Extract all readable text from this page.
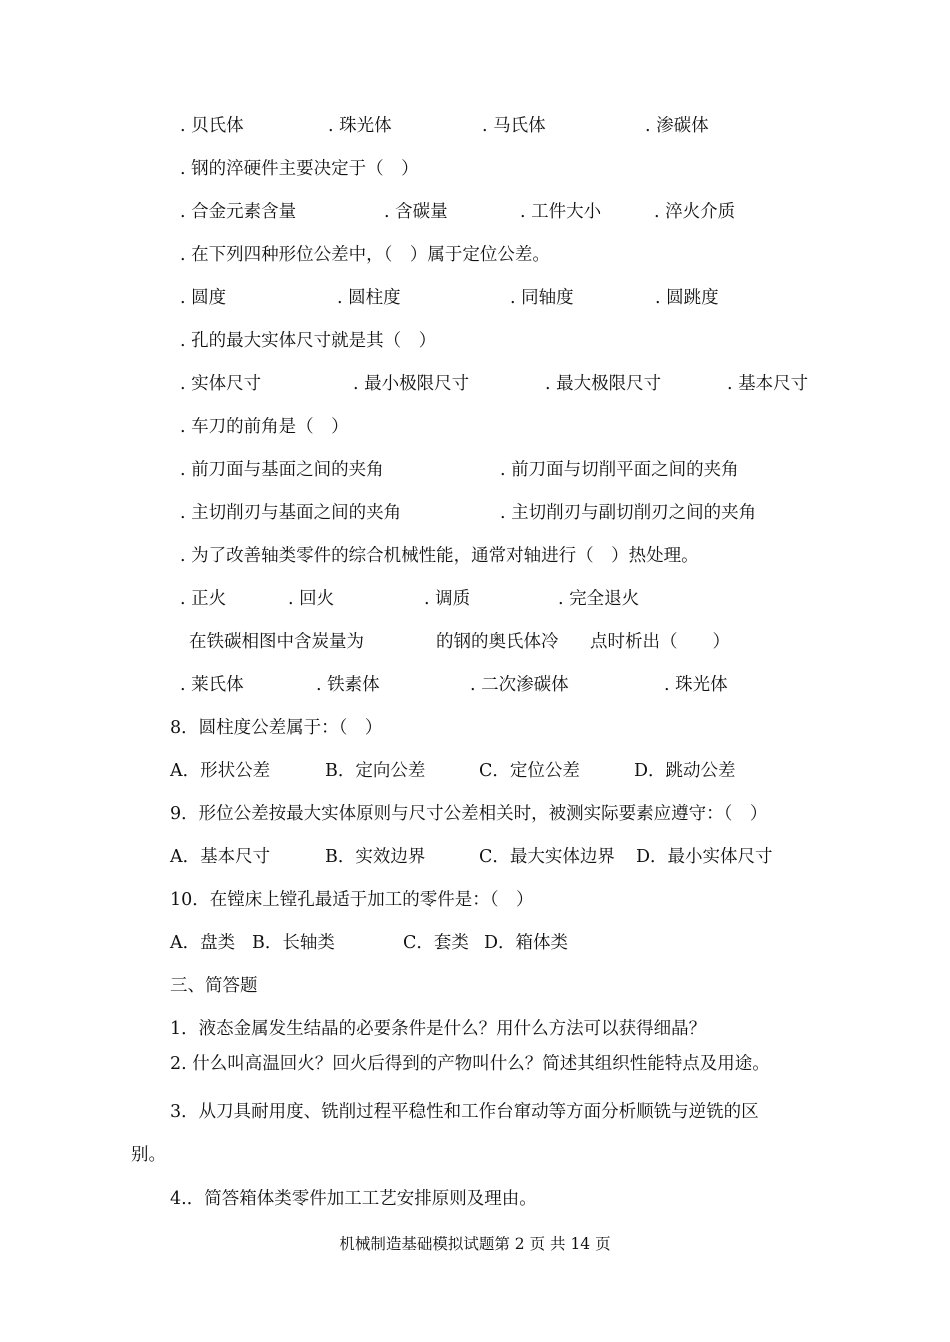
. 贝氏体	. 珠光体	. 马氏体	. 渗碳体
. 钢的淬硬件主要决定于（　）
. 合金元素含量	. 含碳量	. 工件大小	. 淬火介质
. 在下列四种形位公差中，（　）属于定位公差。
. 圆度	. 圆柱度	. 同轴度	. 圆跳度
. 孔的最大实体尺寸就是其（　）
. 实体尺寸	. 最小极限尺寸	. 最大极限尺寸	. 基本尺寸
. 车刀的前角是（　）
. 前刀面与基面之间的夹角	. 前刀面与切削平面之间的夹角
. 主切削刃与基面之间的夹角	. 主切削刃与副切削刃之间的夹角
. 为了改善轴类零件的综合机械性能，通常对轴进行（　）热处理。
. 正火	. 回火	. 调质	. 完全退火
在铁碳相图中含炭量为	的钢的奥氏体冷 点时析出（　　）
. 莱氏体	. 铁素体	. 二次渗碳体	. 珠光体
8．圆柱度公差属于：（　）
A．形状公差	B．定向公差	C．定位公差	D．跳动公差
9．形位公差按最大实体原则与尺寸公差相关时，被测实际要素应遵守：（　）
A．基本尺寸	B．实效边界	C．最大实体边界 D．最小实体尺寸
10．在镗床上镗孔最适于加工的零件是：（　）
A．盘类 B．长轴类	C．套类 D．箱体类
三、简答题
1．液态金属发生结晶的必要条件是什么？用什么方法可以获得细晶？
2. 什么叫高温回火？回火后得到的产物叫什么？简述其组织性能特点及用途。
3．从刀具耐用度、铣削过程平稳性和工作台窜动等方面分析顺铣与逆铣的区
别。
4.．简答箱体类零件加工工艺安排原则及理由。
机械制造基础模拟试题第 2 页 共 14 页
